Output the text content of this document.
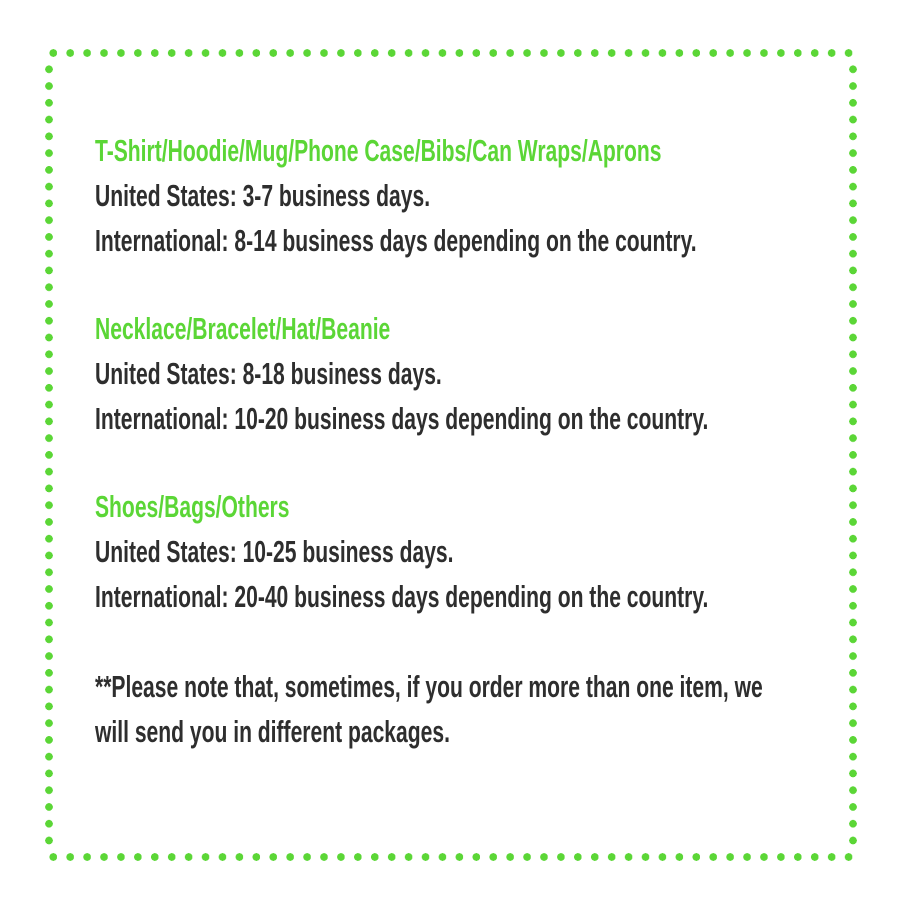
T-Shirt/Hoodie/Mug/Phone Case/Bibs/Can Wraps/Aprons

United States: 3-7 business days.

International: 8-14 business days depending on the country.

Necklace/Bracelet/Hat/Beanie

United States: 8-18 business days.

International: 10-20 business days depending on the country.

Shoes/Bags/Others

United States: 10-25 business days.

International: 20-40 business days depending on the country.

**Please note that, sometimes, if you order more than one item, we

will send you in different packages.
